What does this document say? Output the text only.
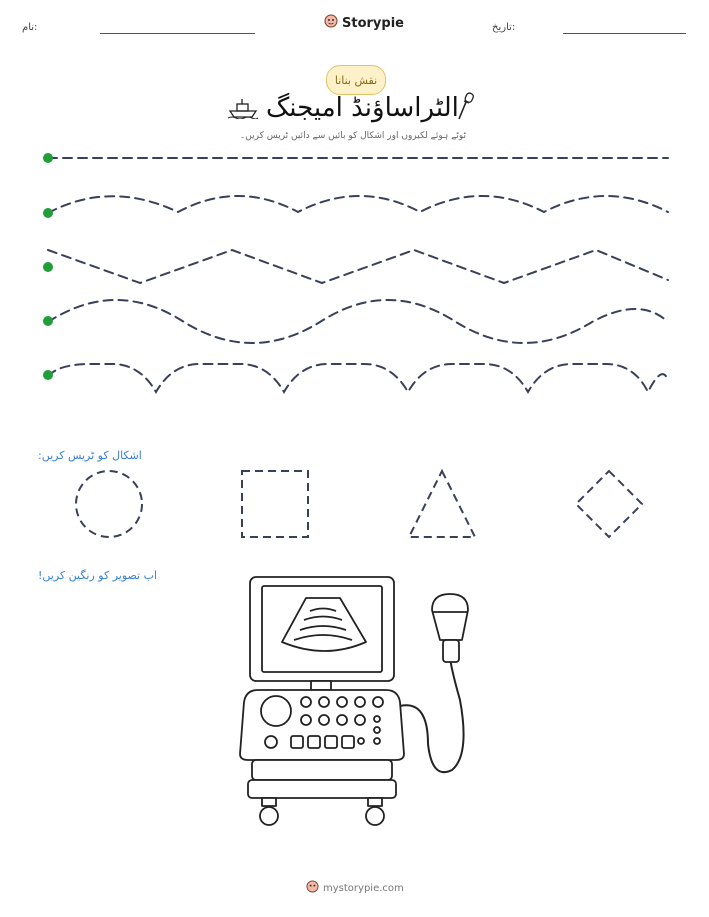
نام:	Storypie	تاریخ:
نقش بنانا
الٹراساؤنڈ امیجنگ
ٹوٹے ہوئے لکیروں اور اشکال کو بائیں سے دائیں ٹریس کریں۔
اشکال کو ٹریس کریں:
اب تصویر کو رنگین کریں!
mystorypie.com
